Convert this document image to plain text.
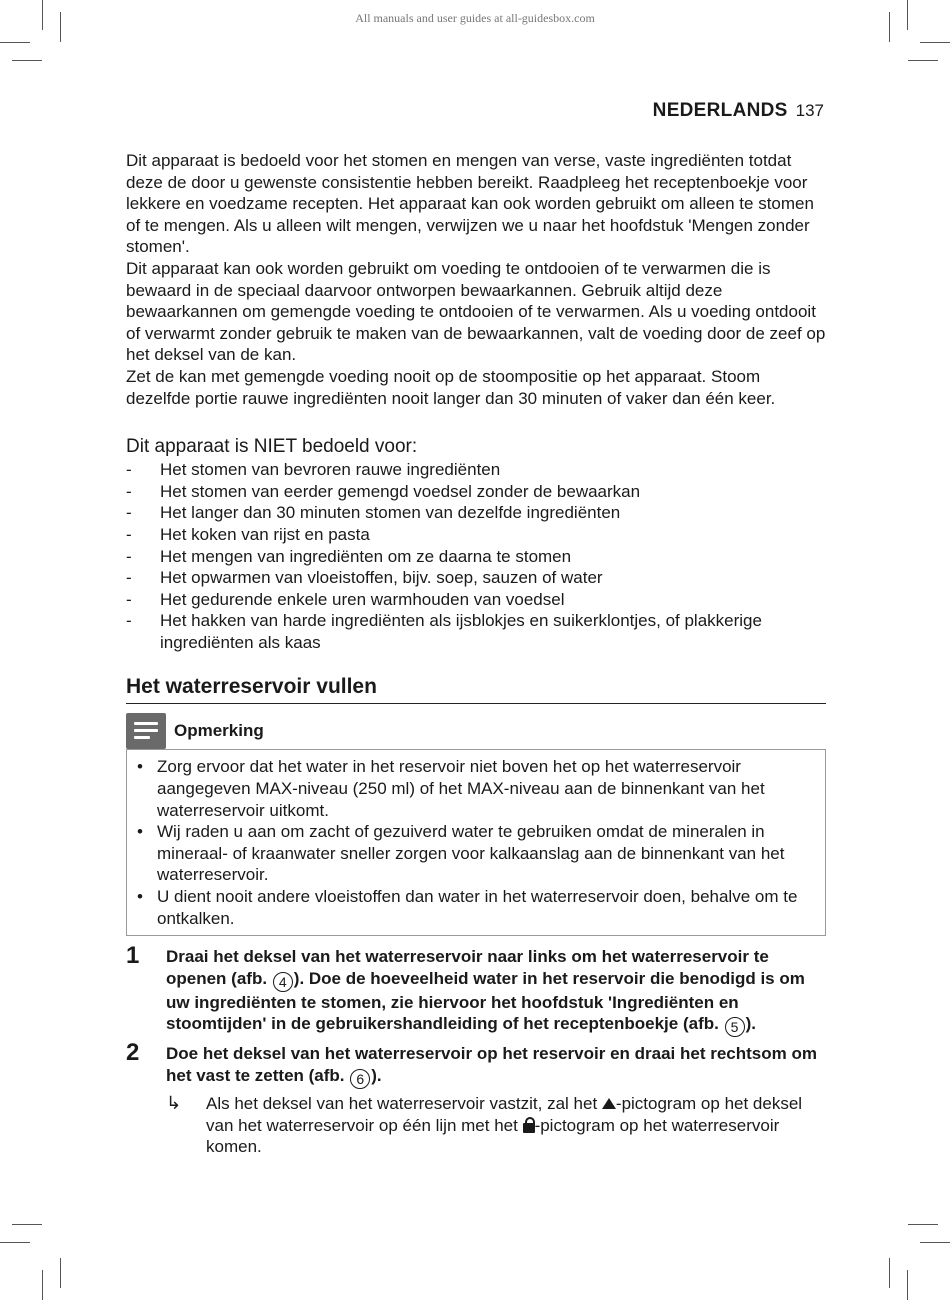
All manuals and user guides at all-guidesbox.com
NEDERLANDS 137

Dit apparaat is bedoeld voor het stomen en mengen van verse, vaste ingrediënten totdat deze de door u gewenste consistentie hebben bereikt. Raadpleeg het receptenboekje voor lekkere en voedzame recepten. Het apparaat kan ook worden gebruikt om alleen te stomen of te mengen. Als u alleen wilt mengen, verwijzen we u naar het hoofdstuk 'Mengen zonder stomen'.

Dit apparaat kan ook worden gebruikt om voeding te ontdooien of te verwarmen die is bewaard in de speciaal daarvoor ontworpen bewaarkannen. Gebruik altijd deze bewaarkannen om gemengde voeding te ontdooien of te verwarmen. Als u voeding ontdooit of verwarmt zonder gebruik te maken van de bewaarkannen, valt de voeding door de zeef op het deksel van de kan.

Zet de kan met gemengde voeding nooit op de stoompositie op het apparaat. Stoom dezelfde portie rauwe ingrediënten nooit langer dan 30 minuten of vaker dan één keer.

Dit apparaat is NIET bedoeld voor:
- Het stomen van bevroren rauwe ingrediënten
- Het stomen van eerder gemengd voedsel zonder de bewaarkan
- Het langer dan 30 minuten stomen van dezelfde ingrediënten
- Het koken van rijst en pasta
- Het mengen van ingrediënten om ze daarna te stomen
- Het opwarmen van vloeistoffen, bijv. soep, sauzen of water
- Het gedurende enkele uren warmhouden van voedsel
- Het hakken van harde ingrediënten als ijsblokjes en suikerklontjes, of plakkerige ingrediënten als kaas
Het waterreservoir vullen
Opmerking
• Zorg ervoor dat het water in het reservoir niet boven het op het waterreservoir aangegeven MAX-niveau (250 ml) of het MAX-niveau aan de binnenkant van het waterreservoir uitkomt.
• Wij raden u aan om zacht of gezuiverd water te gebruiken omdat de mineralen in mineraal- of kraanwater sneller zorgen voor kalkaanslag aan de binnenkant van het waterreservoir.
• U dient nooit andere vloeistoffen dan water in het waterreservoir doen, behalve om te ontkalken.
1 Draai het deksel van het waterreservoir naar links om het waterreservoir te openen (afb. 4 ). Doe de hoeveelheid water in het reservoir die benodigd is om uw ingrediënten te stomen, zie hiervoor het hoofdstuk 'Ingrediënten en stoomtijden' in de gebruikershandleiding of het receptenboekje (afb. 5 ).
2 Doe het deksel van het waterreservoir op het reservoir en draai het rechtsom om het vast te zetten (afb. 6 ).
↳ Als het deksel van het waterreservoir vastzit, zal het -pictogram op het deksel van het waterreservoir op één lijn met het
-pictogram op het waterreservoir komen.
